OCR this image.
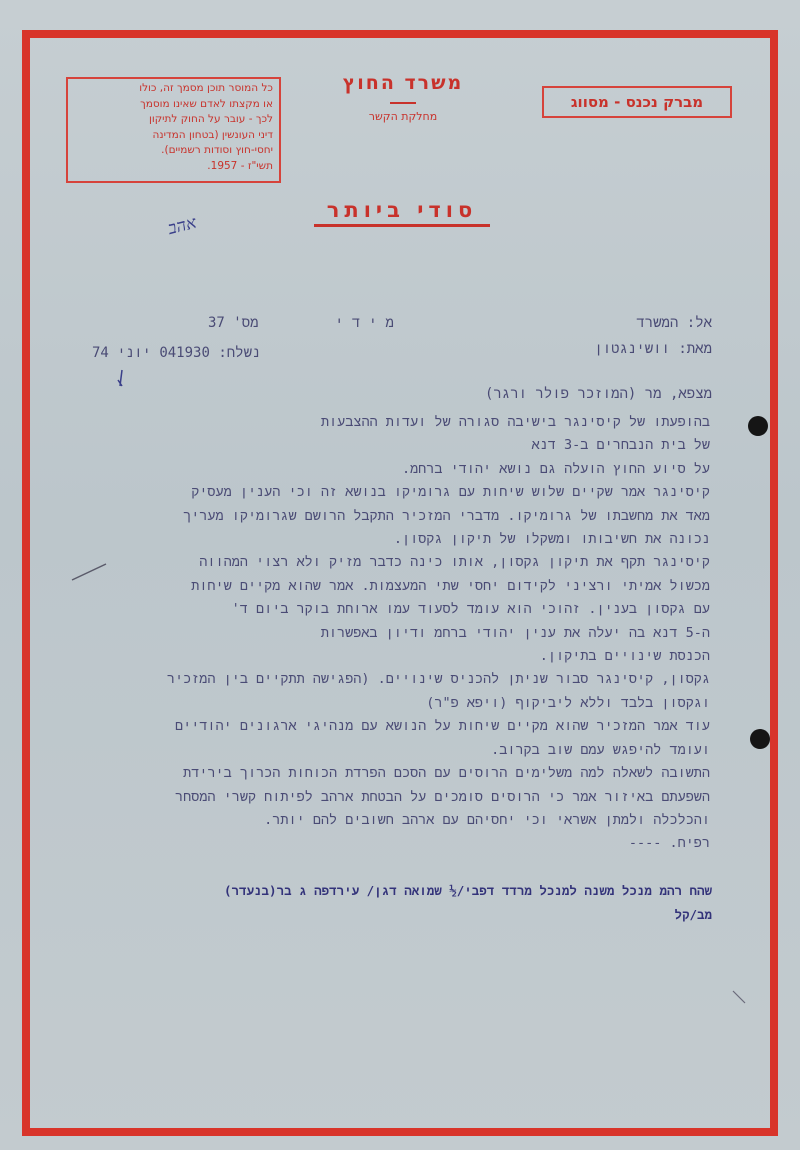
כל המוסר תוכן מסמך זה, כולו
או מקצתו לאדם שאינו מוסמך
לכך - עובר על החוק לתיקון
דיני העונשין (בטחון המדינה
יחסי-חוץ וסודות רשמיים).
תשי"ז - 1957.
משרד החוץ
מחלקת הקשר
מברק נכנס - מסווג
סודי ביותר
אהב
אל: המשרד
מ י ד י
מס' 37
מאת: וושינגטון
נשלח: 041930 יוני 74
מצפא, מר (המוזכר פולר ורגר)
בהופעתו של קיסינגר בישיבה סגורה של ועדות ההצבעות
של בית הנבחרים ב-3 דנא
על סיוע החוץ הועלה גם נושא יהודי ברחמ.
קיסינגר אמר שקיים שלוש שיחות עם גרומיקו בנושא זה וכי הענין מעסיק
מאד את מחשבתו של גרומיקו. מדברי המזכיר התקבל הרושם שגרומיקו מעריך
נכונה את חשיבותו ומשקלו של תיקון גקסון.
קיסינגר תקף את תיקון גקסון, אותו כינה כדבר מזיק ולא רצוי המהווה
מכשול אמיתי ורציני לקידום יחסי שתי המעצמות. אמר שהוא מקיים שיחות
עם גקסון בענין. זהוכי הוא עומד לסעוד עמו ארוחת בוקר ביום ד'
ה-5 דנא בה יעלה את ענין יהודי ברחמ ודיון באפשרות
הכנסת שינויים בתיקון.
גקסון, קיסינגר סבור שניתן להכניס שינויים. (הפגישה תתקיים בין המזכיר
וגקסון בלבד וללא ליביקוף (ויפא פ"ר)
עוד אמר המזכיר שהוא מקיים שיחות על הנושא עם מנהיגי ארגונים יהודיים
ועומד להיפגש עמם שוב בקרוב.
התשובה לשאלה למה משלימים הרוסים עם הסכם הפרדת הכוחות הכרוך בירידת
השפעתם באיזור אמר כי הרוסים סומכים על הבטחת ארהב לפיתוח קשרי המסחר
והכלכלה ולמתן אשראי וכי יחסיהם עם ארהב חשובים להם יותר.
רפיח. ----
שהח רהמ מנכל משנה למנכל מרדד דפבי/½ שמואה דגן/ עירדפה ג בר(בנעדר)
מב/קל
